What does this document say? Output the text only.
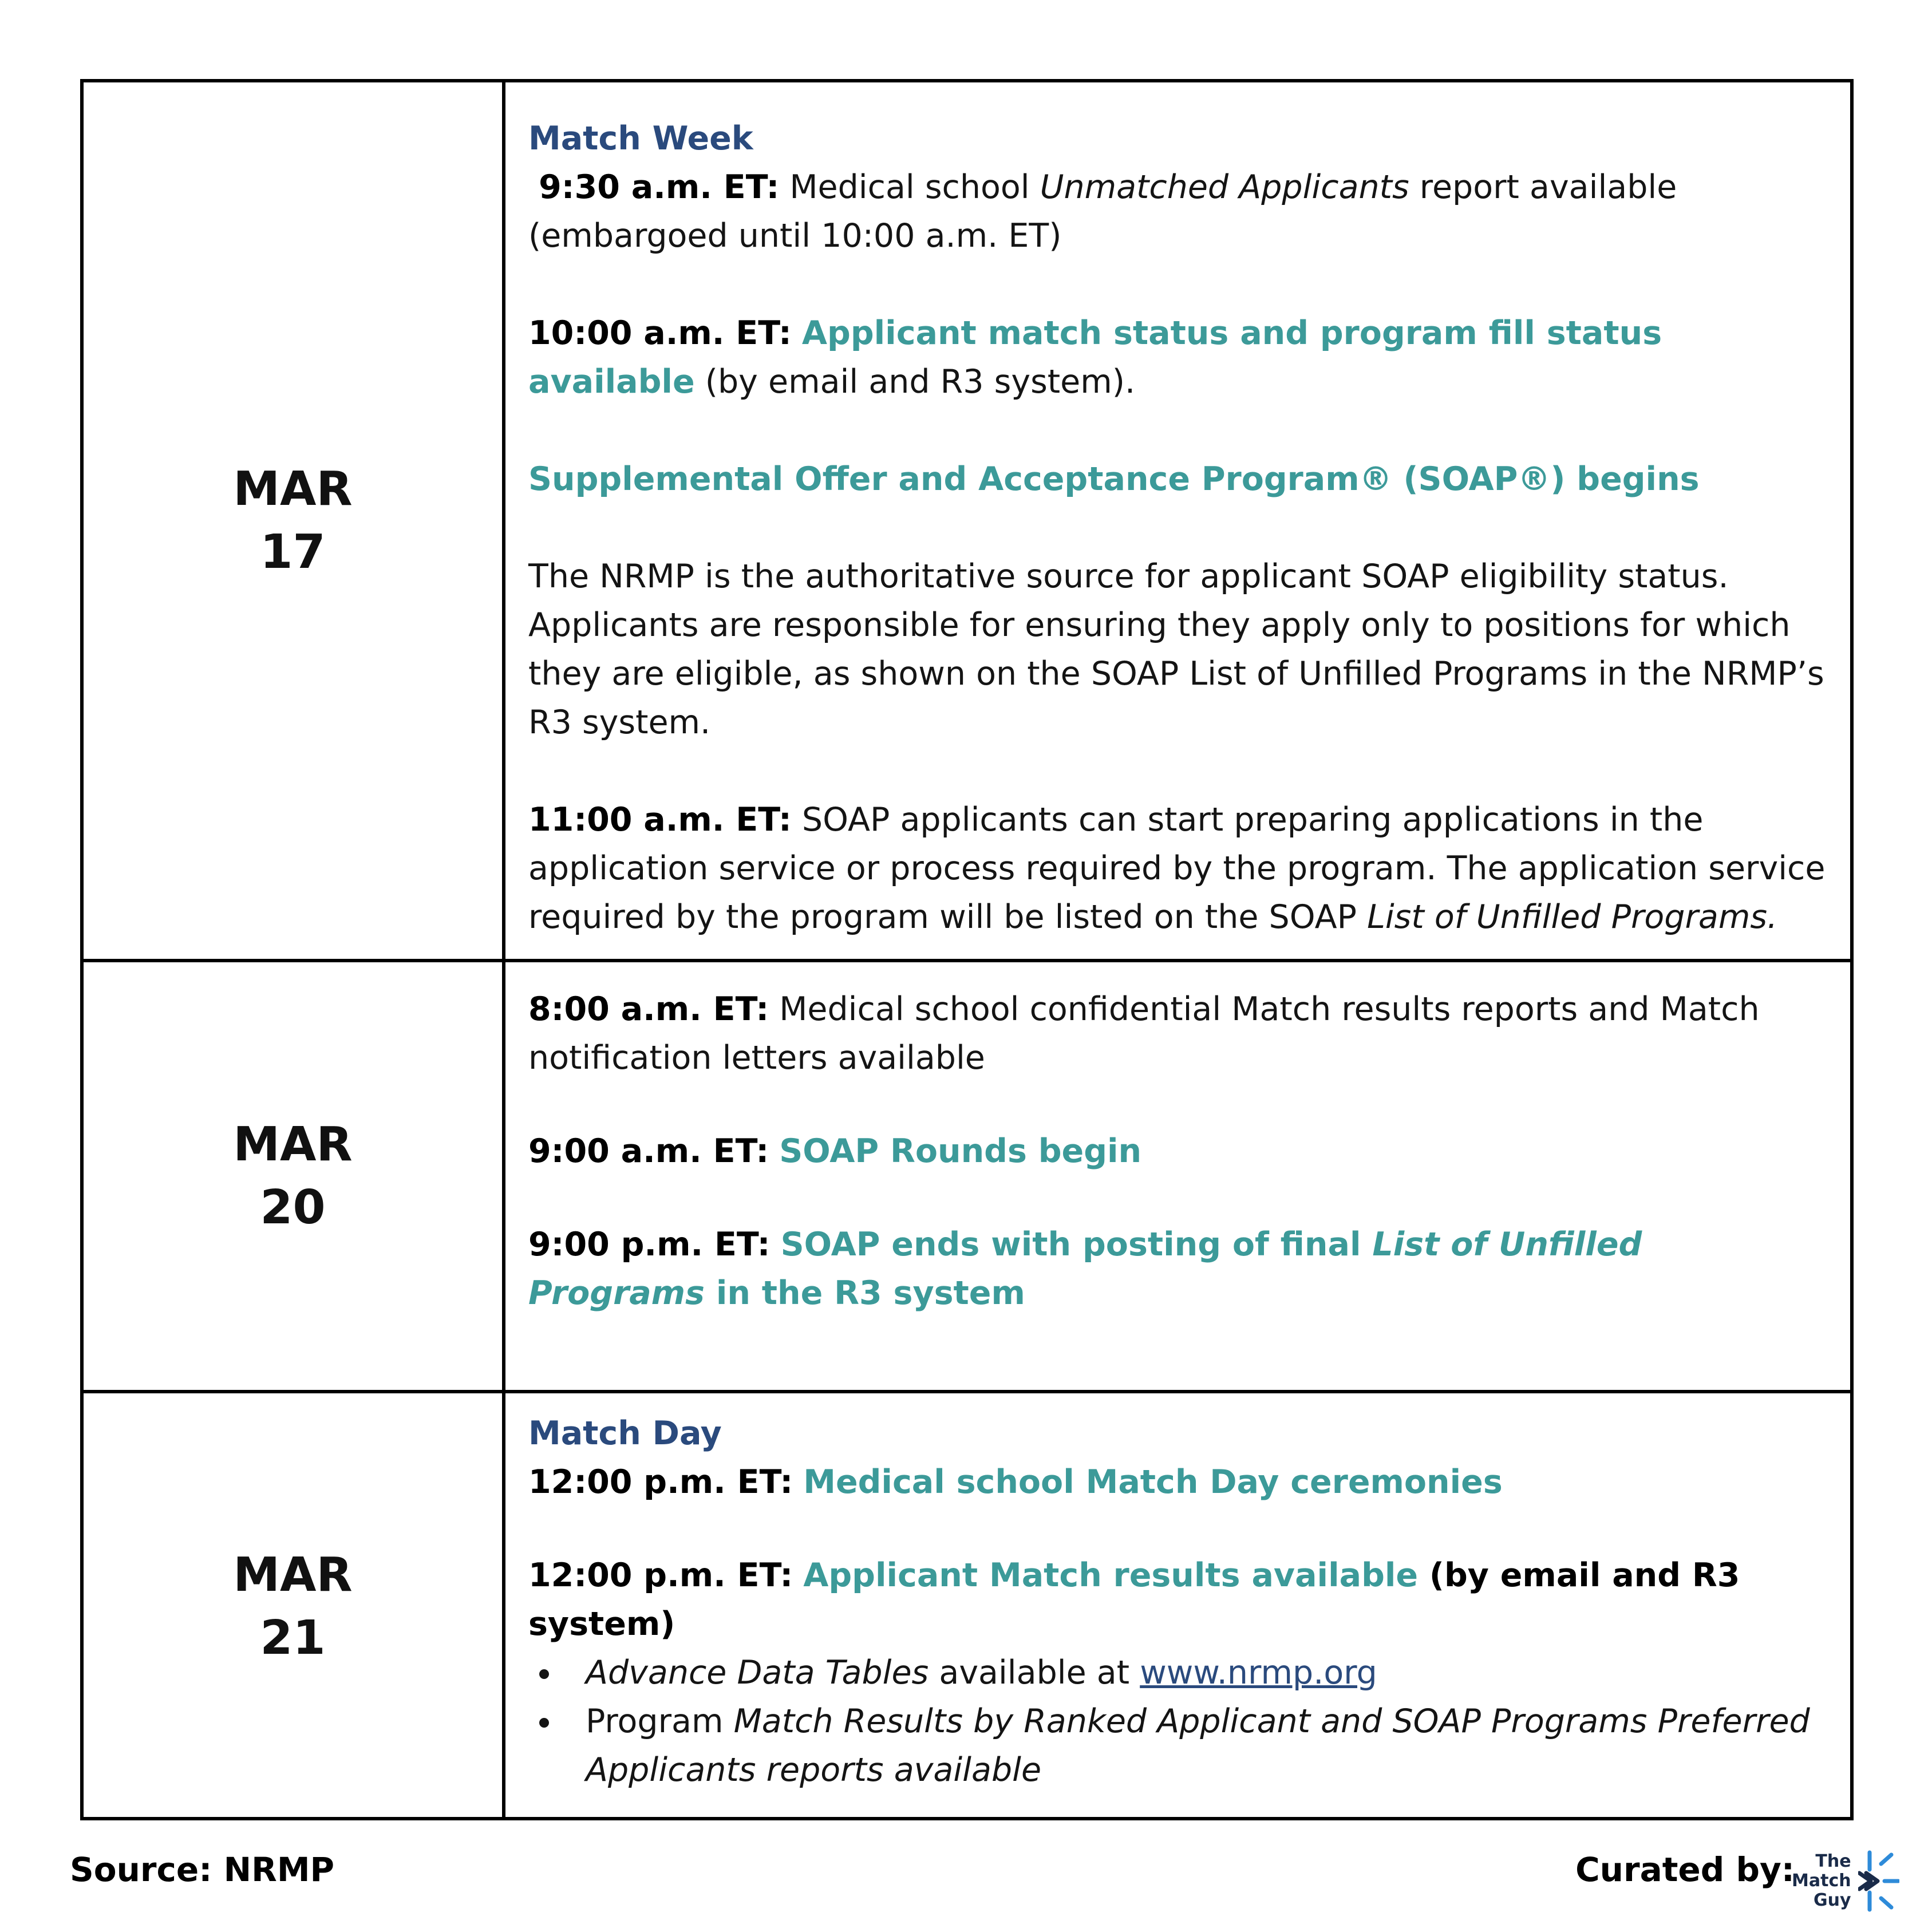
MAR
17

Match Week

9:30 a.m. ET: Medical school Unmatched Applicants report available (embargoed until 10:00 a.m. ET)

10:00 a.m. ET: Applicant match status and program fill status available (by email and R3 system).

Supplemental Offer and Acceptance Program® (SOAP®) begins

The NRMP is the authoritative source for applicant SOAP eligibility status. Applicants are responsible for ensuring they apply only to positions for which they are eligible, as shown on the SOAP List of Unfilled Programs in the NRMP’s R3 system.

11:00 a.m. ET: SOAP applicants can start preparing applications in the application service or process required by the program. The application service required by the program will be listed on the SOAP List of Unfilled Programs.

MAR
20

8:00 a.m. ET: Medical school confidential Match results reports and Match notification letters available

9:00 a.m. ET: SOAP Rounds begin

9:00 p.m. ET: SOAP ends with posting of final List of Unfilled Programs in the R3 system

MAR
21

Match Day

12:00 p.m. ET: Medical school Match Day ceremonies

12:00 p.m. ET: Applicant Match results available (by email and R3 system)

• Advance Data Tables available at www.nrmp.org
• Program Match Results by Ranked Applicant and SOAP Programs Preferred Applicants reports available
Source: NRMP	Curated by:	The
Match
Guy
